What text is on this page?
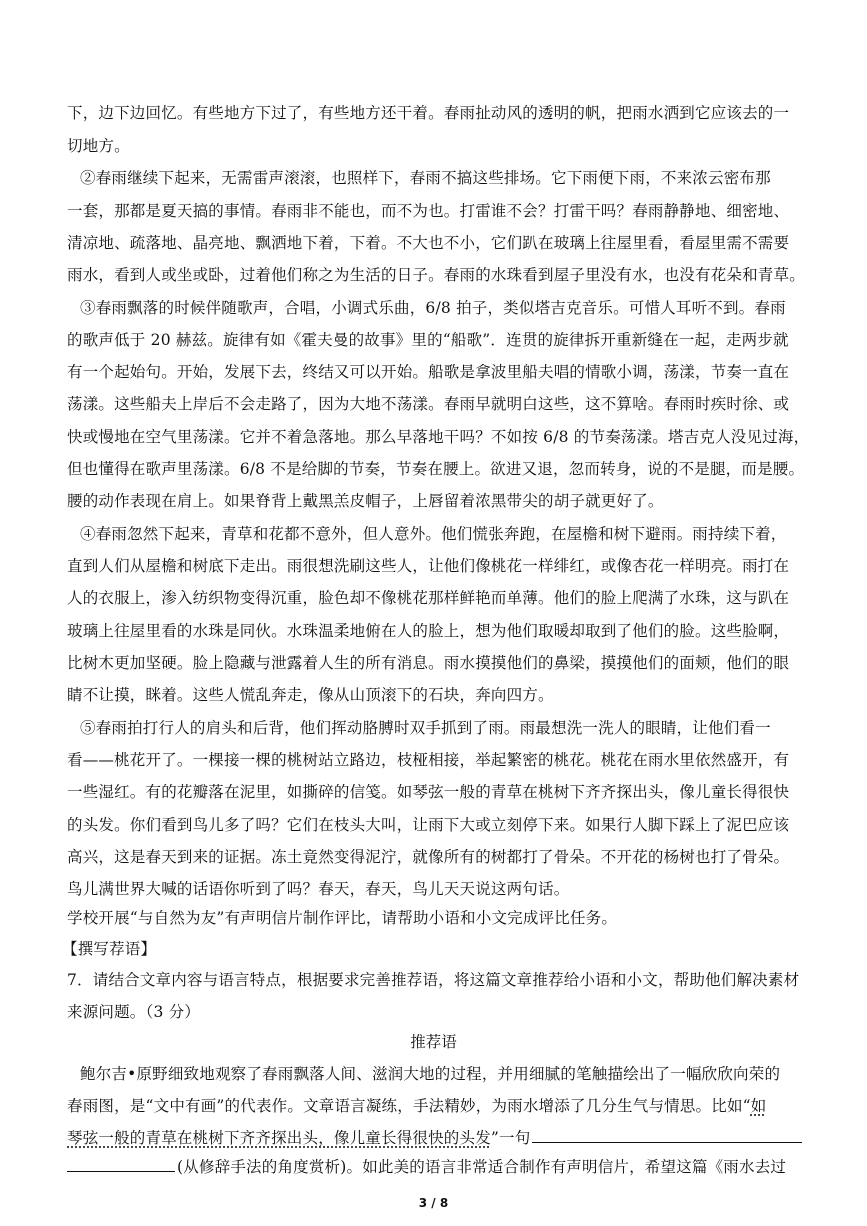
下，边下边回忆。有些地方下过了，有些地方还干着。春雨扯动风的透明的帆，把雨水洒到它应该去的一
切地方。
②春雨继续下起来，无需雷声滚滚，也照样下，春雨不搞这些排场。它下雨便下雨，不来浓云密布那
一套，那都是夏天搞的事情。春雨非不能也，而不为也。打雷谁不会？打雷干吗？春雨静静地、细密地、
清凉地、疏落地、晶亮地、飘洒地下着，下着。不大也不小，它们趴在玻璃上往屋里看，看屋里需不需要
雨水，看到人或坐或卧，过着他们称之为生活的日子。春雨的水珠看到屋子里没有水，也没有花朵和青草。
③春雨飘落的时候伴随歌声，合唱，小调式乐曲，6/8 拍子，类似塔吉克音乐。可惜人耳听不到。春雨
的歌声低于 20 赫兹。旋律有如《霍夫曼的故事》里的“船歌”．连贯的旋律拆开重新缝在一起，走两步就
有一个起始句。开始，发展下去，终结又可以开始。船歌是拿波里船夫唱的情歌小调，荡漾，节奏一直在
荡漾。这些船夫上岸后不会走路了，因为大地不荡漾。春雨早就明白这些，这不算啥。春雨时疾时徐、或
快或慢地在空气里荡漾。它并不着急落地。那么早落地干吗？不如按 6/8 的节奏荡漾。塔吉克人没见过海，
但也懂得在歌声里荡漾。6/8 不是给脚的节奏，节奏在腰上。欲进又退，忽而转身，说的不是腿，而是腰。
腰的动作表现在肩上。如果脊背上戴黑羔皮帽子，上唇留着浓黑带尖的胡子就更好了。
④春雨忽然下起来，青草和花都不意外，但人意外。他们慌张奔跑，在屋檐和树下避雨。雨持续下着，
直到人们从屋檐和树底下走出。雨很想洗刷这些人，让他们像桃花一样绯红，或像杏花一样明亮。雨打在
人的衣服上，渗入纺织物变得沉重，脸色却不像桃花那样鲜艳而单薄。他们的脸上爬满了水珠，这与趴在
玻璃上往屋里看的水珠是同伙。水珠温柔地俯在人的脸上，想为他们取暖却取到了他们的脸。这些脸啊，
比树木更加坚硬。脸上隐藏与泄露着人生的所有消息。雨水摸摸他们的鼻梁，摸摸他们的面颊，他们的眼
睛不让摸，眯着。这些人慌乱奔走，像从山顶滚下的石块，奔向四方。
⑤春雨拍打行人的肩头和后背，他们挥动胳膊时双手抓到了雨。雨最想洗一洗人的眼睛，让他们看一
看——桃花开了。一棵接一棵的桃树站立路边，枝桠相接，举起繁密的桃花。桃花在雨水里依然盛开，有
一些湿红。有的花瓣落在泥里，如撕碎的信笺。如琴弦一般的青草在桃树下齐齐探出头，像儿童长得很快
的头发。你们看到鸟儿多了吗？它们在枝头大叫，让雨下大或立刻停下来。如果行人脚下踩上了泥巴应该
高兴，这是春天到来的证据。冻土竟然变得泥泞，就像所有的树都打了骨朵。不开花的杨树也打了骨朵。
鸟儿满世界大喊的话语你听到了吗？春天，春天，鸟儿天天说这两句话。
学校开展“与自然为友”有声明信片制作评比，请帮助小语和小文完成评比任务。
【撰写荐语】
7．请结合文章内容与语言特点，根据要求完善推荐语，将这篇文章推荐给小语和小文，帮助他们解决素材
来源问题。（3 分）
推荐语
鲍尔吉•原野细致地观察了春雨飘落人间、滋润大地的过程，并用细腻的笔触描绘出了一幅欣欣向荣的
春雨图，是“文中有画”的代表作。文章语言凝练，手法精妙，为雨水增添了几分生气与情思。比如“如
琴弦一般的青草在桃树下齐齐探出头，像儿童长得很快的头发”一句
(从修辞手法的角度赏析)。如此美的语言非常适合制作有声明信片，希望这篇《雨水去过
3 / 8
